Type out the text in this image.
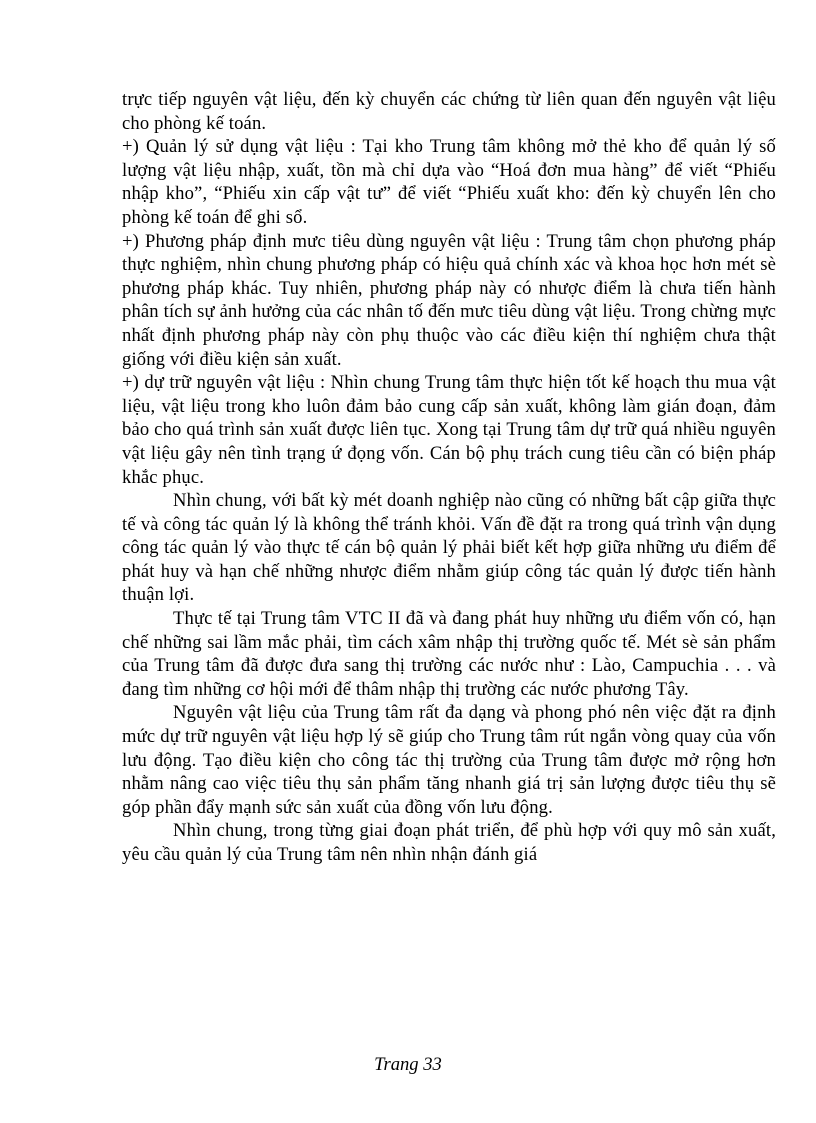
trực tiếp nguyên vật liệu, đến kỳ chuyển các chứng từ liên quan đến nguyên vật liệu cho phòng kế toán.

+) Quản lý sử dụng vật liệu : Tại kho Trung tâm không mở thẻ kho để quản lý số lượng vật liệu nhập, xuất, tồn mà chỉ dựa vào “Hoá đơn mua hàng” để viết “Phiếu nhập kho”, “Phiếu xin cấp vật tư” để viết “Phiếu xuất kho: đến kỳ chuyển lên cho phòng kế toán để ghi sổ.

+) Phương pháp định mưc tiêu dùng nguyên vật liệu : Trung tâm chọn phương pháp thực nghiệm, nhìn chung phương pháp có hiệu quả chính xác và khoa học hơn mét sè phương pháp khác. Tuy nhiên, phương pháp này có nhược điểm là chưa tiến hành phân tích sự ảnh hưởng của các nhân tố đến mưc tiêu dùng vật liệu. Trong chừng mực nhất định phương pháp này còn phụ thuộc vào các điều kiện thí nghiệm chưa thật giống với điều kiện sản xuất.

+) dự trữ nguyên vật liệu : Nhìn chung Trung tâm thực hiện tốt kế hoạch thu mua vật liệu, vật liệu trong kho luôn đảm bảo cung cấp sản xuất, không làm gián đoạn, đảm bảo cho quá trình sản xuất được liên tục. Xong tại Trung tâm dự trữ quá nhiều nguyên vật liệu gây nên tình trạng ứ đọng vốn. Cán bộ phụ trách cung tiêu cần có biện pháp khắc phục.

Nhìn chung, với bất kỳ mét doanh nghiệp nào cũng có những bất cập giữa thực tế và công tác quản lý là không thể tránh khỏi. Vấn đề đặt ra trong quá trình vận dụng công tác quản lý vào thực tế cán bộ quản lý phải biết kết hợp giữa những ưu điểm để phát huy và hạn chế những nhược điểm nhằm giúp công tác quản lý được tiến hành thuận lợi.

Thực tế tại Trung tâm VTC II đã và đang phát huy những ưu điểm vốn có, hạn chế những sai lầm mắc phải, tìm cách xâm nhập thị trường quốc tế. Mét sè sản phẩm của Trung tâm đã được đưa sang thị trường các nước như : Lào, Campuchia . . . và đang tìm những cơ hội mới để thâm nhập thị trường các nước phương Tây.

Nguyên vật liệu của Trung tâm rất đa dạng và phong phó nên việc đặt ra định mức dự trữ nguyên vật liệu hợp lý sẽ giúp cho Trung tâm rút ngắn vòng quay của vốn lưu động. Tạo điều kiện cho công tác thị trường của Trung tâm được mở rộng hơn nhằm nâng cao việc tiêu thụ sản phẩm tăng nhanh giá trị sản lượng được tiêu thụ sẽ góp phần đẩy mạnh sức sản xuất của đồng vốn lưu động.

Nhìn chung, trong từng giai đoạn phát triển, để phù hợp với quy mô sản xuất, yêu cầu quản lý của Trung tâm nên nhìn nhận đánh giá

Trang 33
